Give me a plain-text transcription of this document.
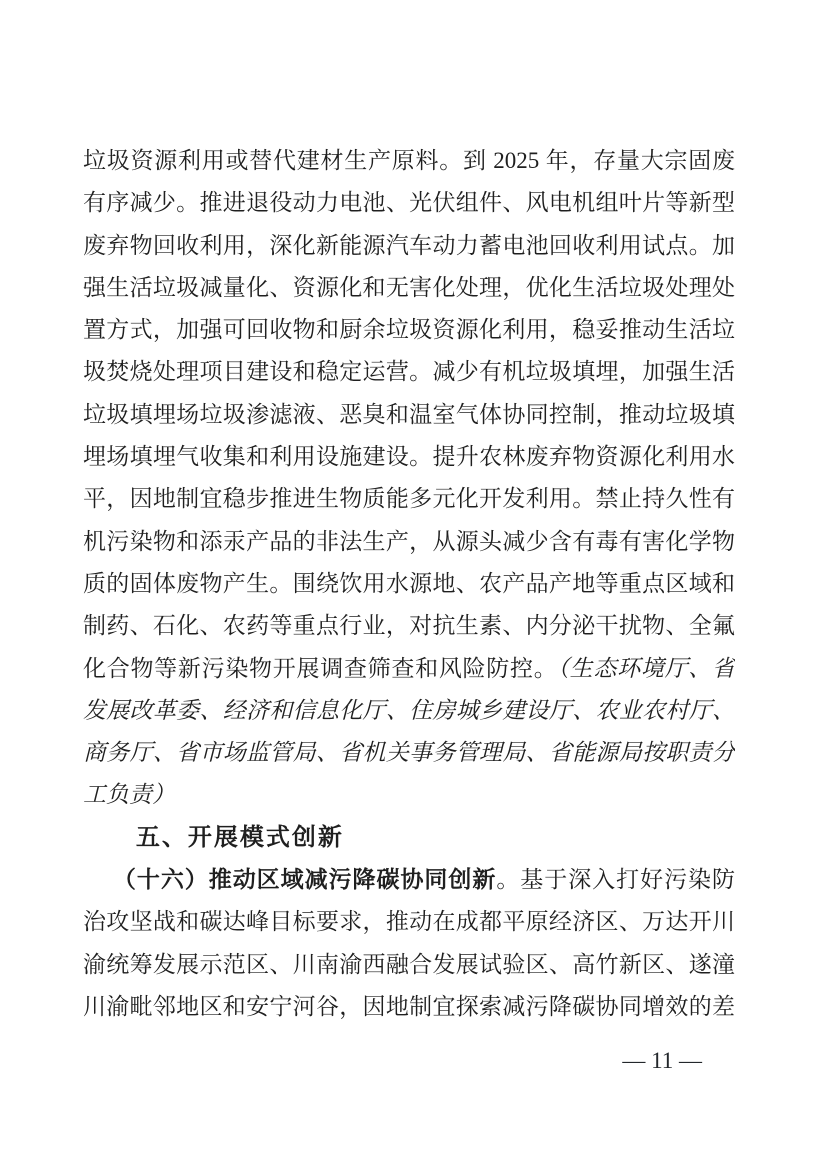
垃圾资源利用或替代建材生产原料。到 2025 年，存量大宗固废
有序减少。推进退役动力电池、光伏组件、风电机组叶片等新型
废弃物回收利用，深化新能源汽车动力蓄电池回收利用试点。加
强生活垃圾减量化、资源化和无害化处理，优化生活垃圾处理处
置方式，加强可回收物和厨余垃圾资源化利用，稳妥推动生活垃
圾焚烧处理项目建设和稳定运营。减少有机垃圾填埋，加强生活
垃圾填埋场垃圾渗滤液、恶臭和温室气体协同控制，推动垃圾填
埋场填埋气收集和利用设施建设。提升农林废弃物资源化利用水
平，因地制宜稳步推进生物质能多元化开发利用。禁止持久性有
机污染物和添汞产品的非法生产，从源头减少含有毒有害化学物
质的固体废物产生。围绕饮用水源地、农产品产地等重点区域和
制药、石化、农药等重点行业，对抗生素、内分泌干扰物、全氟
化合物等新污染物开展调查筛查和风险防控。（生态环境厅、省
发展改革委、经济和信息化厅、住房城乡建设厅、农业农村厅、
商务厅、省市场监管局、省机关事务管理局、省能源局按职责分
工负责）
五、开展模式创新
（十六）推动区域减污降碳协同创新。基于深入打好污染防
治攻坚战和碳达峰目标要求，推动在成都平原经济区、万达开川
渝统筹发展示范区、川南渝西融合发展试验区、高竹新区、遂潼
川渝毗邻地区和安宁河谷，因地制宜探索减污降碳协同增效的差
— 11 —
